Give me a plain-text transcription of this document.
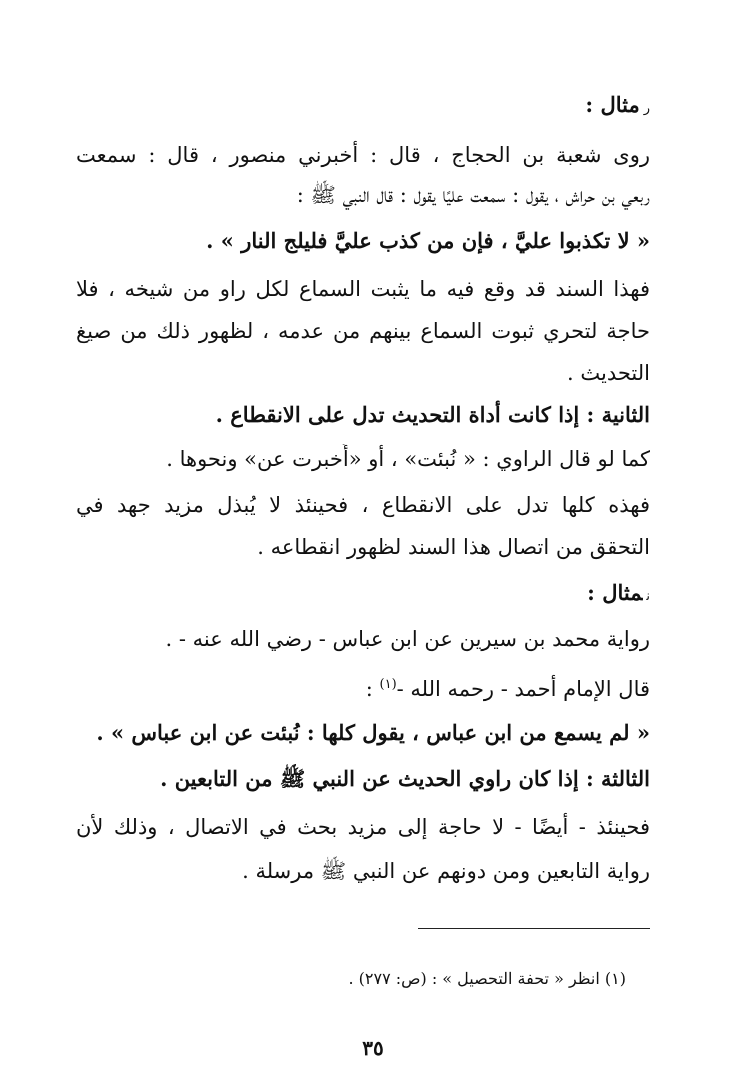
رمثال :
روى شعبة بن الحجاج ، قال : أخبرني منصور ، قال : سمعت
ربعي بن حراش ، يقول : سمعت عليًا يقول : قال النبي ﷺ :
« لا تكذبوا عليَّ ، فإن من كذب عليَّ فليلج النار » .
فهذا السند قد وقع فيه ما يثبت السماع لكل راو من شيخه ، فلا
حاجة لتحري ثبوت السماع بينهم من عدمه ، لظهور ذلك من صيغ
التحديث .
الثانية : إذا كانت أداة التحديث تدل على الانقطاع .
كما لو قال الراوي : « نُبئت» ، أو «أُخبرت عن» ونحوها .
فهذه كلها تدل على الانقطاع ، فحينئذ لا يُبذل مزيد جهد في
التحقق من اتصال هذا السند لظهور انقطاعه .
نمثال :
رواية محمد بن سيرين عن ابن عباس - رضي الله عنه - .
قال الإمام أحمد - رحمه الله -$^{(١)}$ :
« لم يسمع من ابن عباس ، يقول كلها : نُبئت عن ابن عباس » .
الثالثة : إذا كان راوي الحديث عن النبي ﷺ من التابعين .
فحينئذ - أيضًا - لا حاجة إلى مزيد بحث في الاتصال ، وذلك لأن
رواية التابعين ومن دونهم عن النبي ﷺ مرسلة .
(١) انظر « تحفة التحصيل » : (ص: ٢٧٧) .
٣٥
